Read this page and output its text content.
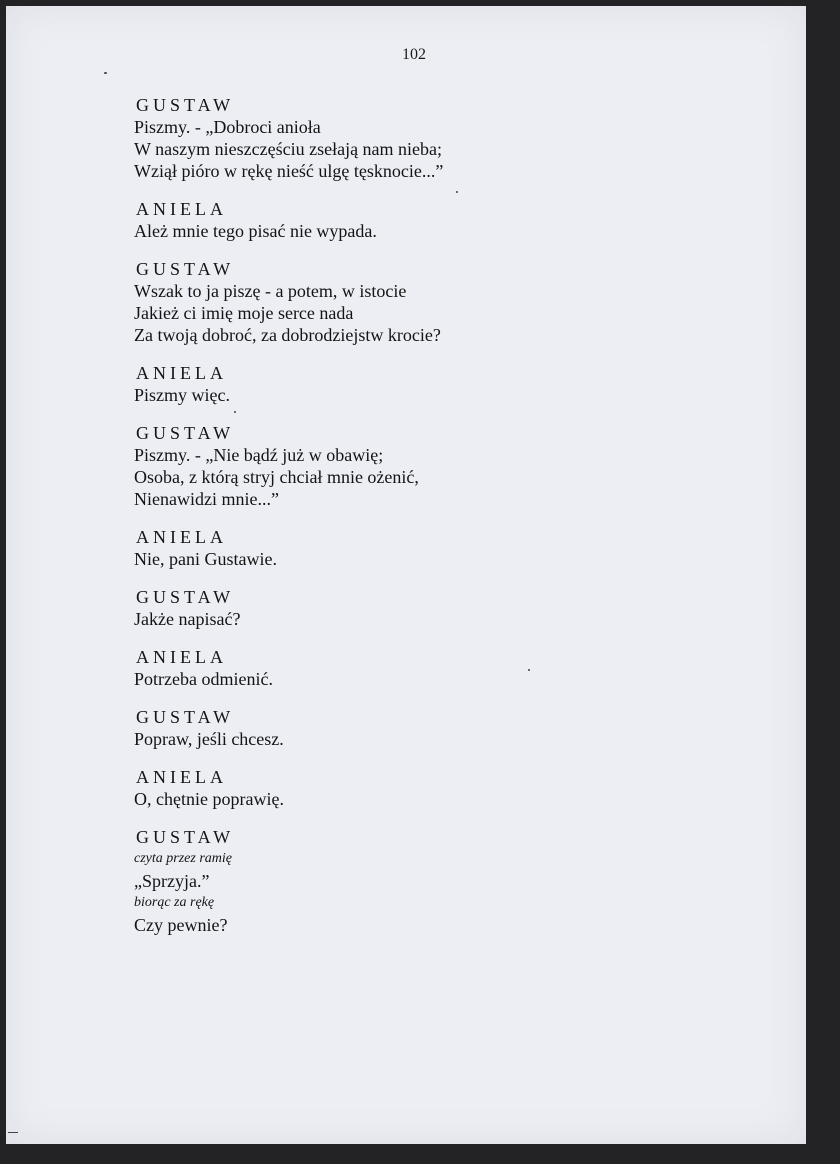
102
GUSTAW
Piszmy. - „Dobroci anioła
W naszym nieszczęściu zsełają nam nieba;
Wziął pióro w rękę nieść ulgę tęsknocie...”
ANIELA
Alеż mnie tego pisać nie wypada.
GUSTAW
Wszak to ja piszę - a potem, w istocie
Jakież ci imię moje serce nada
Za twoją dobroć, za dobrodziejstw krocie?
ANIELA
Piszmy więc.
GUSTAW
Piszmy. - „Nie bądź już w obawię;
Osoba, z którą stryj chciał mnie ożenić,
Nienawidzi mnie...”
ANIELA
Nie, pani Gustawie.
GUSTAW
Jakże napisać?
ANIELA
Potrzeba odmienić.
GUSTAW
Popraw, jeśli chcesz.
ANIELA
O, chętnie poprawię.
GUSTAW
czyta przez ramię
„Sprzyja.”
biorąc za rękę
Czy pewnie?
